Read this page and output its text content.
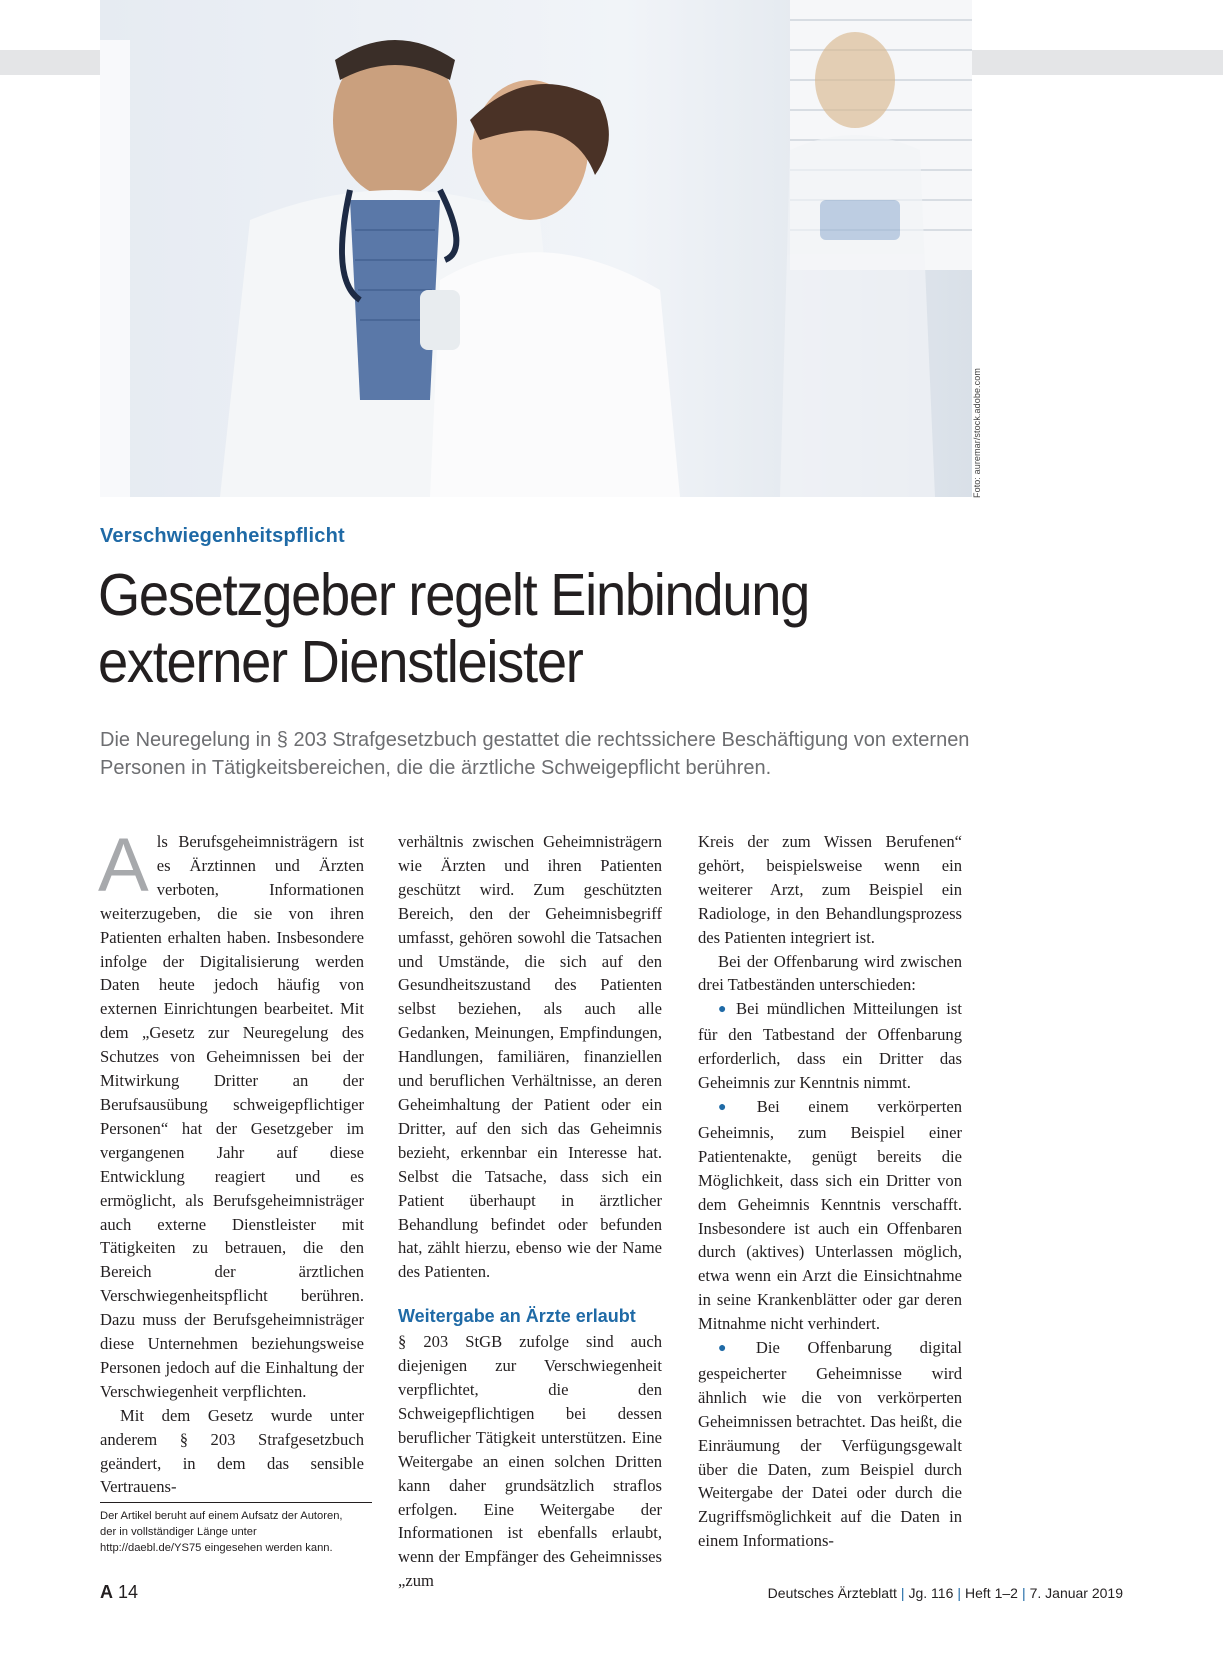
Foto: auremar/stock.adobe.com
Verschwiegenheitspflicht
Gesetzgeber regelt Einbindung
externer Dienstleister

Die Neuregelung in § 203 Strafgesetzbuch gestattet die rechtssichere Beschäftigung von externen
Personen in Tätigkeitsbereichen, die die ärztliche Schweigepflicht berühren.

Als Berufsgeheimnisträgern ist es Ärztinnen und Ärzten verboten, Informationen weiterzugeben, die sie von ihren Patienten erhalten haben. Insbesondere infolge der Digitalisierung werden Daten heute jedoch häufig von externen Einrichtungen bearbeitet. Mit dem „Gesetz zur Neuregelung des Schutzes von Geheimnissen bei der Mitwirkung Dritter an der Berufsausübung schweigepflichtiger Personen“ hat der Gesetzgeber im vergangenen Jahr auf diese Entwicklung reagiert und es ermöglicht, als Berufsgeheimnisträger auch externe Dienstleister mit Tätigkeiten zu betrauen, die den Bereich der ärztlichen Verschwiegenheitspflicht berühren. Dazu muss der Berufsgeheimnisträger diese Unternehmen beziehungsweise Personen jedoch auf die Einhaltung der Verschwiegenheit verpflichten.

Mit dem Gesetz wurde unter anderem § 203 Strafgesetzbuch geändert, in dem das sensible Vertrauens-

verhältnis zwischen Geheimnisträgern wie Ärzten und ihren Patienten geschützt wird. Zum geschützten Bereich, den der Geheimnisbegriff umfasst, gehören sowohl die Tatsachen und Umstände, die sich auf den Gesundheitszustand des Patienten selbst beziehen, als auch alle Gedanken, Meinungen, Empfindungen, Handlungen, familiären, finanziellen und beruflichen Verhältnisse, an deren Geheimhaltung der Patient oder ein Dritter, auf den sich das Geheimnis bezieht, erkennbar ein Interesse hat. Selbst die Tatsache, dass sich ein Patient überhaupt in ärztlicher Behandlung befindet oder befunden hat, zählt hierzu, ebenso wie der Name des Patienten.

Weitergabe an Ärzte erlaubt

§ 203 StGB zufolge sind auch diejenigen zur Verschwiegenheit verpflichtet, die den Schweigepflichtigen bei dessen beruflicher Tätigkeit unterstützen. Eine Weitergabe an einen solchen Dritten kann daher grundsätzlich straflos erfolgen. Eine Weitergabe der Informationen ist ebenfalls erlaubt, wenn der Empfänger des Geheimnisses „zum

Kreis der zum Wissen Berufenen“ gehört, beispielsweise wenn ein weiterer Arzt, zum Beispiel ein Radiologe, in den Behandlungsprozess des Patienten integriert ist.

Bei der Offenbarung wird zwischen drei Tatbeständen unterschieden:

● Bei mündlichen Mitteilungen ist für den Tatbestand der Offenbarung erforderlich, dass ein Dritter das Geheimnis zur Kenntnis nimmt.

● Bei einem verkörperten Geheimnis, zum Beispiel einer Patientenakte, genügt bereits die Möglichkeit, dass sich ein Dritter von dem Geheimnis Kenntnis verschafft. Insbesondere ist auch ein Offenbaren durch (aktives) Unterlassen möglich, etwa wenn ein Arzt die Einsichtnahme in seine Krankenblätter oder gar deren Mitnahme nicht verhindert.

● Die Offenbarung digital gespeicherter Geheimnisse wird ähnlich wie die von verkörperten Geheimnissen betrachtet. Das heißt, die Einräumung der Verfügungsgewalt über die Daten, zum Beispiel durch Weitergabe der Datei oder durch die Zugriffsmöglichkeit auf die Daten in einem Informations-

Der Artikel beruht auf einem Aufsatz der Autoren,
der in vollständiger Länge unter
http://daebl.de/YS75 eingesehen werden kann.
A 14	Deutsches Ärzteblatt | Jg. 116 | Heft 1–2 | 7. Januar 2019
